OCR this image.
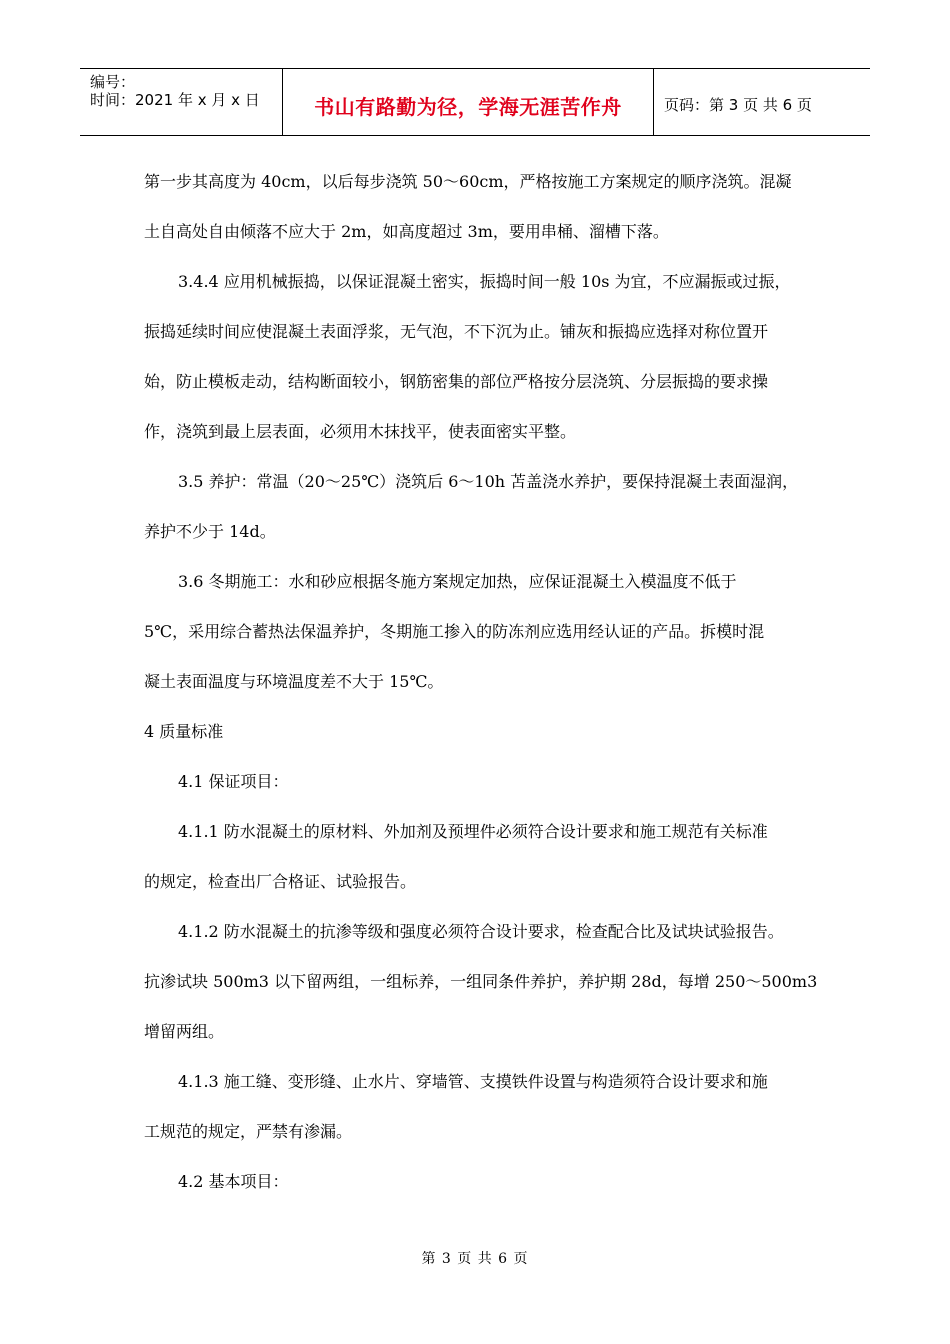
编号：
时间：2021 年 x 月 x 日	书山有路勤为径，学海无涯苦作舟	页码：第 3 页 共 6 页
第一步其高度为 40cm，以后每步浇筑 50～60cm，严格按施工方案规定的顺序浇筑。混凝
土自高处自由倾落不应大于 2m，如高度超过 3m，要用串桶、溜槽下落。
3.4.4 应用机械振捣，以保证混凝土密实，振捣时间一般 10s 为宜，不应漏振或过振，
振捣延续时间应使混凝土表面浮浆，无气泡，不下沉为止。铺灰和振捣应选择对称位置开
始，防止模板走动，结构断面较小，钢筋密集的部位严格按分层浇筑、分层振捣的要求操
作，浇筑到最上层表面，必须用木抹找平，使表面密实平整。
3.5 养护：常温（20～25℃）浇筑后 6～10h 苫盖浇水养护，要保持混凝土表面湿润，
养护不少于 14d。
3.6 冬期施工：水和砂应根据冬施方案规定加热，应保证混凝土入模温度不低于
5℃，采用综合蓄热法保温养护，冬期施工掺入的防冻剂应选用经认证的产品。拆模时混
凝土表面温度与环境温度差不大于 15℃。
4 质量标准
4.1 保证项目：
4.1.1 防水混凝土的原材料、外加剂及预埋件必须符合设计要求和施工规范有关标准
的规定，检查出厂合格证、试验报告。
4.1.2 防水混凝土的抗渗等级和强度必须符合设计要求，检查配合比及试块试验报告。
抗渗试块 500m3 以下留两组，一组标养，一组同条件养护，养护期 28d，每增 250～500m3
增留两组。
4.1.3 施工缝、变形缝、止水片、穿墙管、支摸铁件设置与构造须符合设计要求和施
工规范的规定，严禁有渗漏。
4.2 基本项目：
第 3 页 共 6 页
